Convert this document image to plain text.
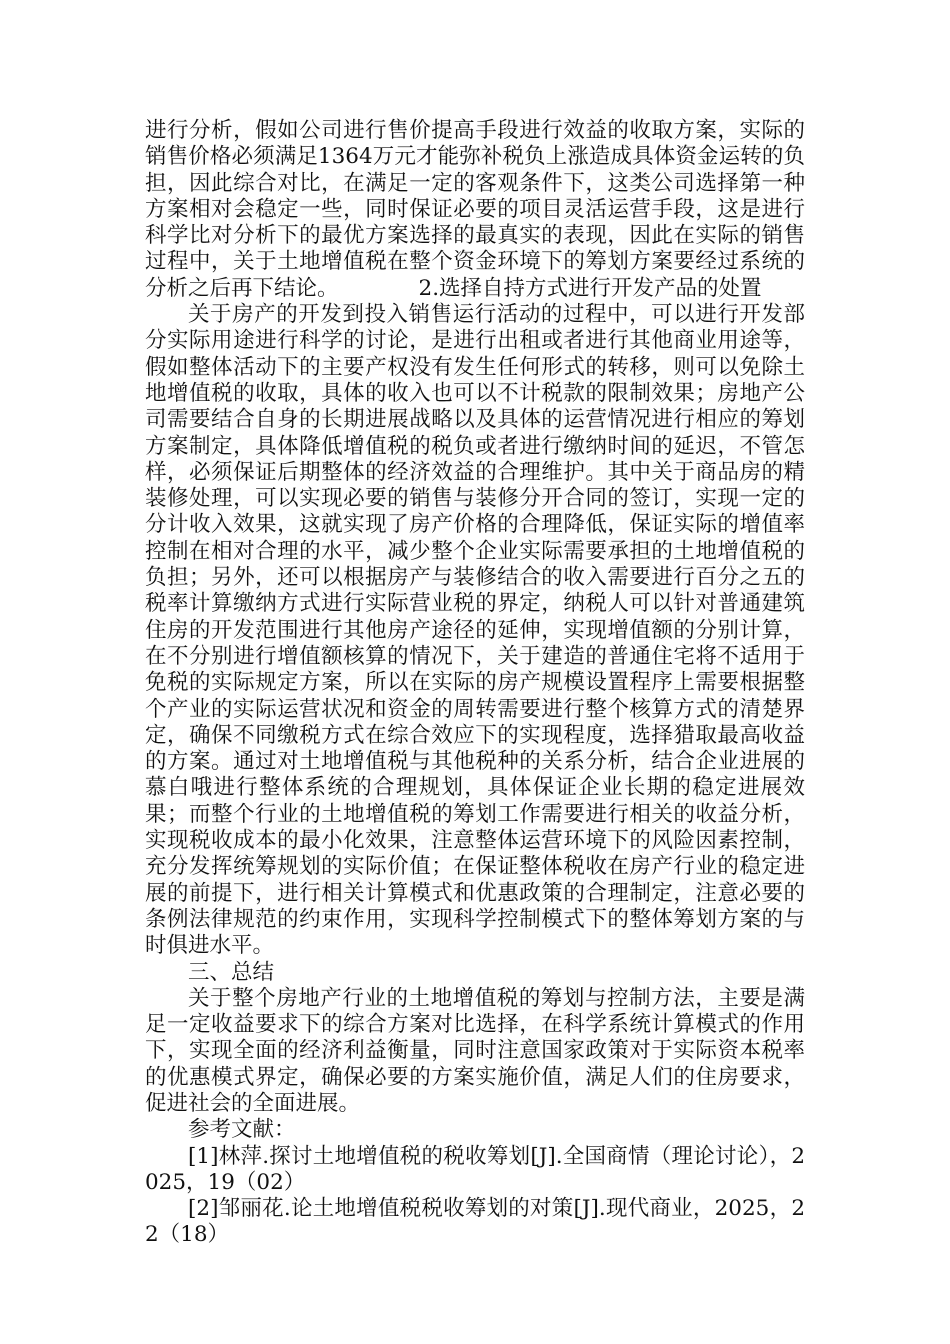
进行分析，假如公司进行售价提高手段进行效益的收取方案，实际的销售价格必须满足1364万元才能弥补税负上涨造成具体资金运转的负担，因此综合对比，在满足一定的客观条件下，这类公司选择第一种方案相对会稳定一些，同时保证必要的项目灵活运营手段，这是进行科学比对分析下的最优方案选择的最真实的表现，因此在实际的销售过程中，关于土地增值税在整个资金环境下的筹划方案要经过系统的分析之后再下结论。	2.选择自持方式进行开发产品的处置

关于房产的开发到投入销售运行活动的过程中，可以进行开发部分实际用途进行科学的讨论，是进行出租或者进行其他商业用途等，假如整体活动下的主要产权没有发生任何形式的转移，则可以免除土地增值税的收取，具体的收入也可以不计税款的限制效果；房地产公司需要结合自身的长期进展战略以及具体的运营情况进行相应的筹划方案制定，具体降低增值税的税负或者进行缴纳时间的延迟，不管怎样，必须保证后期整体的经济效益的合理维护。其中关于商品房的精装修处理，可以实现必要的销售与装修分开合同的签订，实现一定的分计收入效果，这就实现了房产价格的合理降低，保证实际的增值率控制在相对合理的水平，减少整个企业实际需要承担的土地增值税的负担；另外，还可以根据房产与装修结合的收入需要进行百分之五的税率计算缴纳方式进行实际营业税的界定，纳税人可以针对普通建筑住房的开发范围进行其他房产途径的延伸，实现增值额的分别计算，在不分别进行增值额核算的情况下，关于建造的普通住宅将不适用于免税的实际规定方案，所以在实际的房产规模设置程序上需要根据整个产业的实际运营状况和资金的周转需要进行整个核算方式的清楚界定，确保不同缴税方式在综合效应下的实现程度，选择猎取最高收益的方案。通过对土地增值税与其他税种的关系分析，结合企业进展的慕白哦进行整体系统的合理规划，具体保证企业长期的稳定进展效果；而整个行业的土地增值税的筹划工作需要进行相关的收益分析，实现税收成本的最小化效果，注意整体运营环境下的风险因素控制，充分发挥统筹规划的实际价值；在保证整体税收在房产行业的稳定进展的前提下，进行相关计算模式和优惠政策的合理制定，注意必要的条例法律规范的约束作用，实现科学控制模式下的整体筹划方案的与时俱进水平。

三、总结

关于整个房地产行业的土地增值税的筹划与控制方法，主要是满足一定收益要求下的综合方案对比选择，在科学系统计算模式的作用下，实现全面的经济利益衡量，同时注意国家政策对于实际资本税率的优惠模式界定，确保必要的方案实施价值，满足人们的住房要求，促进社会的全面进展。

参考文献：

[1]林萍.探讨土地增值税的税收筹划[J].全国商情（理论讨论），2025，19（02）

[2]邹丽花.论土地增值税税收筹划的对策[J].现代商业，2025，22（18）
